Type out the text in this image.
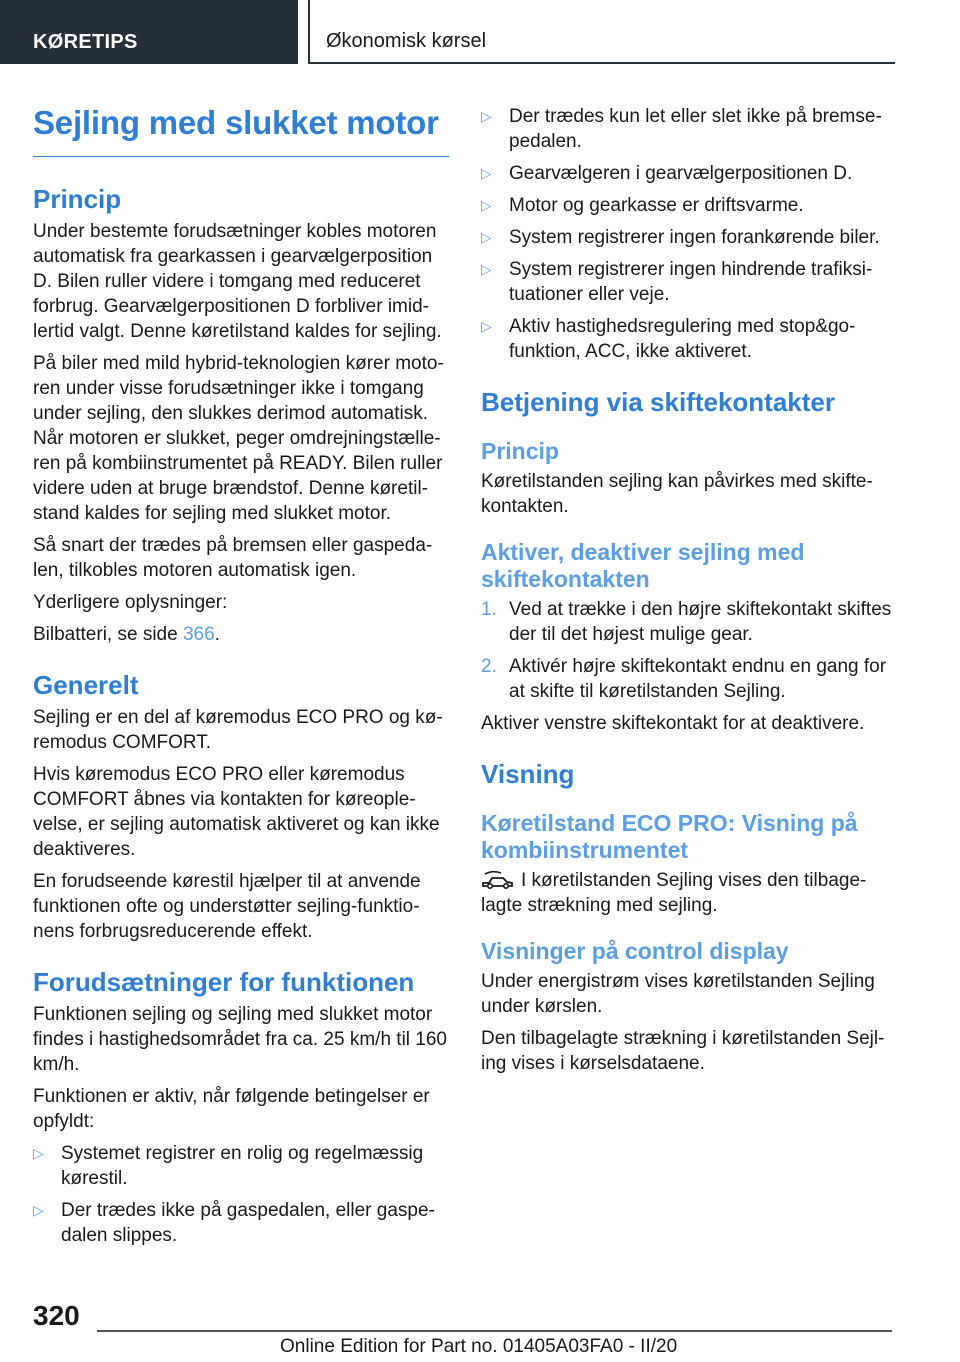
KØRETIPS	Økonomisk kørsel
Sejling med slukket motor
Princip

Under bestemte forudsætninger kobles motoren automatisk fra gearkassen i gearvælgerposition D. Bilen ruller videre i tomgang med reduceret forbrug. Gearvælgerpositionen D forbliver imidlertid valgt. Denne køretilstand kaldes for sejling.

På biler med mild hybrid-teknologien kører motoren under visse forudsætninger ikke i tomgang under sejling, den slukkes derimod automatisk. Når motoren er slukket, peger omdrejningstælleren på kombiinstrumentet på READY. Bilen ruller videre uden at bruge brændstof. Denne køretilstand kaldes for sejling med slukket motor.

Så snart der trædes på bremsen eller gaspedalen, tilkobles motoren automatisk igen.

Yderligere oplysninger:

Bilbatteri, se side 366.

Generelt

Sejling er en del af køremodus ECO PRO og køremodus COMFORT.

Hvis køremodus ECO PRO eller køremodus COMFORT åbnes via kontakten for køreoplevelse, er sejling automatisk aktiveret og kan ikke deaktiveres.

En forudseende kørestil hjælper til at anvende funktionen ofte og understøtter sejling-funktionens forbrugsreducerende effekt.

Forudsætninger for funktionen

Funktionen sejling og sejling med slukket motor findes i hastighedsområdet fra ca. 25 km/h til 160 km/h.

Funktionen er aktiv, når følgende betingelser er opfyldt:

▷ Systemet registrer en rolig og regelmæssig kørestil.
▷ Der trædes ikke på gaspedalen, eller gaspedalen slippes.
▷ Der trædes kun let eller slet ikke på bremsepedalen.
▷ Gearvælgeren i gearvælgerpositionen D.
▷ Motor og gearkasse er driftsvarme.
▷ System registrerer ingen forankørende biler.
▷ System registrerer ingen hindrende trafiksituationer eller veje.
▷ Aktiv hastighedsregulering med stop&go-funktion, ACC, ikke aktiveret.
Betjening via skiftekontakter
Princip

Køretilstanden sejling kan påvirkes med skiftekontakten.

Aktiver, deaktiver sejling med skiftekontakten
1. Ved at trække i den højre skiftekontakt skiftes der til det højest mulige gear.
2. Aktivér højre skiftekontakt endnu en gang for at skifte til køretilstanden Sejling.

Aktiver venstre skiftekontakt for at deaktivere.

Visning
Køretilstand ECO PRO: Visning på kombiinstrumentet

I køretilstanden Sejling vises den tilbagelagte strækning med sejling.

Visninger på control display

Under energistrøm vises køretilstanden Sejling under kørslen.

Den tilbagelagte strækning i køretilstanden Sejling vises i kørselsdataene.

320
Online Edition for Part no. 01405A03FA0 - II/20
